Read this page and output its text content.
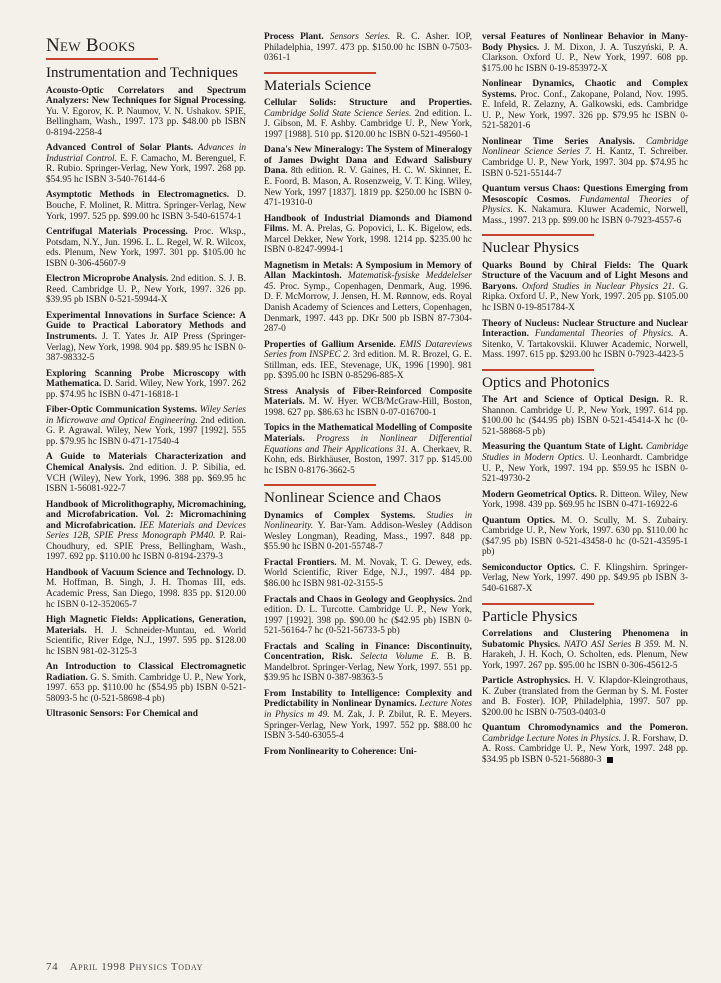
New Books
Instrumentation and Techniques

Acousto-Optic Correlators and Spectrum Analyzers: New Techniques for Signal Processing. Yu. V. Egorov, K. P. Naumov, V. N. Ushakov. SPIE, Bellingham, Wash., 1997. 173 pp. $48.00 pb ISBN 0-8194-2258-4

Advanced Control of Solar Plants. Advances in Industrial Control. E. F. Camacho, M. Berenguel, F. R. Rubio. Springer-Verlag, New York, 1997. 268 pp. $54.95 hc ISBN 3-540-76144-6

Asymptotic Methods in Electromagnetics. D. Bouche, F. Molinet, R. Mittra. Springer-Verlag, New York, 1997. 525 pp. $99.00 hc ISBN 3-540-61574-1

Centrifugal Materials Processing. Proc. Wksp., Potsdam, N.Y., Jun. 1996. L. L. Regel, W. R. Wilcox, eds. Plenum, New York, 1997. 301 pp. $105.00 hc ISBN 0-306-45607-9

Electron Microprobe Analysis. 2nd edition. S. J. B. Reed. Cambridge U. P., New York, 1997. 326 pp. $39.95 pb ISBN 0-521-59944-X

Experimental Innovations in Surface Science: A Guide to Practical Laboratory Methods and Instruments. J. T. Yates Jr. AIP Press (Springer-Verlag), New York, 1998. 904 pp. $89.95 hc ISBN 0-387-98332-5

Exploring Scanning Probe Microscopy with Mathematica. D. Sarid. Wiley, New York, 1997. 262 pp. $74.95 hc ISBN 0-471-16818-1

Fiber-Optic Communication Systems. Wiley Series in Microwave and Optical Engineering. 2nd edition. G. P. Agrawal. Wiley, New York, 1997 [1992]. 555 pp. $79.95 hc ISBN 0-471-17540-4

A Guide to Materials Characterization and Chemical Analysis. 2nd edition. J. P. Sibilia, ed. VCH (Wiley), New York, 1996. 388 pp. $69.95 hc ISBN 1-56081-922-7

Handbook of Microlithography, Micromachining, and Microfabrication. Vol. 2: Micromachining and Microfabrication. IEE Materials and Devices Series 12B, SPIE Press Monograph PM40. P. Rai-Choudhury, ed. SPIE Press, Bellingham, Wash., 1997. 692 pp. $110.00 hc ISBN 0-8194-2379-3

Handbook of Vacuum Science and Technology. D. M. Hoffman, B. Singh, J. H. Thomas III, eds. Academic Press, San Diego, 1998. 835 pp. $120.00 hc ISBN 0-12-352065-7

High Magnetic Fields: Applications, Generation, Materials. H. J. Schneider-Muntau, ed. World Scientific, River Edge, N.J., 1997. 595 pp. $128.00 hc ISBN 981-02-3125-3

An Introduction to Classical Electromagnetic Radiation. G. S. Smith. Cambridge U. P., New York, 1997. 653 pp. $110.00 hc ($54.95 pb) ISBN 0-521-58093-5 hc (0-521-58698-4 pb)

Ultrasonic Sensors: For Chemical and

Process Plant. Sensors Series. R. C. Asher. IOP, Philadelphia, 1997. 473 pp. $150.00 hc ISBN 0-7503-0361-1

Materials Science

Cellular Solids: Structure and Properties. Cambridge Solid State Science Series. 2nd edition. L. J. Gibson, M. F. Ashby. Cambridge U. P., New York, 1997 [1988]. 510 pp. $120.00 hc ISBN 0-521-49560-1

Dana's New Mineralogy: The System of Mineralogy of James Dwight Dana and Edward Salisbury Dana. 8th edition. R. V. Gaines, H. C. W. Skinner, E. E. Foord, B. Mason, A. Rosenzweig, V. T. King. Wiley, New York, 1997 [1837]. 1819 pp. $250.00 hc ISBN 0-471-19310-0

Handbook of Industrial Diamonds and Diamond Films. M. A. Prelas, G. Popovici, L. K. Bigelow, eds. Marcel Dekker, New York, 1998. 1214 pp. $235.00 hc ISBN 0-8247-9994-1

Magnetism in Metals: A Symposium in Memory of Allan Mackintosh. Matematisk-fysiske Meddelelser 45. Proc. Symp., Copenhagen, Denmark, Aug. 1996. D. F. McMorrow, J. Jensen, H. M. Rønnow, eds. Royal Danish Academy of Sciences and Letters, Copenhagen, Denmark, 1997. 443 pp. DKr 500 pb ISBN 87-7304-287-0

Properties of Gallium Arsenide. EMIS Datareviews Series from INSPEC 2. 3rd edition. M. R. Brozel, G. E. Stillman, eds. IEE, Stevenage, UK, 1996 [1990]. 981 pp. $395.00 hc ISBN 0-85296-885-X

Stress Analysis of Fiber-Reinforced Composite Materials. M. W. Hyer. WCB/McGraw-Hill, Boston, 1998. 627 pp. $86.63 hc ISBN 0-07-016700-1

Topics in the Mathematical Modelling of Composite Materials. Progress in Nonlinear Differential Equations and Their Applications 31. A. Cherkaev, R. Kohn, eds. Birkhäuser, Boston, 1997. 317 pp. $145.00 hc ISBN 0-8176-3662-5

Nonlinear Science and Chaos

Dynamics of Complex Systems. Studies in Nonlinearity. Y. Bar-Yam. Addison-Wesley (Addison Wesley Longman), Reading, Mass., 1997. 848 pp. $55.90 hc ISBN 0-201-55748-7

Fractal Frontiers. M. M. Novak, T. G. Dewey, eds. World Scientific, River Edge, N.J., 1997. 484 pp. $86.00 hc ISBN 981-02-3155-5

Fractals and Chaos in Geology and Geophysics. 2nd edition. D. L. Turcotte. Cambridge U. P., New York, 1997 [1992]. 398 pp. $90.00 hc ($42.95 pb) ISBN 0-521-56164-7 hc (0-521-56733-5 pb)

Fractals and Scaling in Finance: Discontinuity, Concentration, Risk. Selecta Volume E. B. B. Mandelbrot. Springer-Verlag, New York, 1997. 551 pp. $39.95 hc ISBN 0-387-98363-5

From Instability to Intelligence: Complexity and Predictability in Nonlinear Dynamics. Lecture Notes in Physics m 49. M. Zak, J. P. Zbilut, R. E. Meyers. Springer-Verlag, New York, 1997. 552 pp. $88.00 hc ISBN 3-540-63055-4

From Nonlinearity to Coherence: Uni-

versal Features of Nonlinear Behavior in Many-Body Physics. J. M. Dixon, J. A. Tuszyński, P. A. Clarkson. Oxford U. P., New York, 1997. 608 pp. $175.00 hc ISBN 0-19-853972-X

Nonlinear Dynamics, Chaotic and Complex Systems. Proc. Conf., Zakopane, Poland, Nov. 1995. E. Infeld, R. Zelazny, A. Galkowski, eds. Cambridge U. P., New York, 1997. 326 pp. $79.95 hc ISBN 0-521-58201-6

Nonlinear Time Series Analysis. Cambridge Nonlinear Science Series 7. H. Kantz, T. Schreiber. Cambridge U. P., New York, 1997. 304 pp. $74.95 hc ISBN 0-521-55144-7

Quantum versus Chaos: Questions Emerging from Mesoscopic Cosmos. Fundamental Theories of Physics. K. Nakamura. Kluwer Academic, Norwell, Mass., 1997. 213 pp. $99.00 hc ISBN 0-7923-4557-6

Nuclear Physics

Quarks Bound by Chiral Fields: The Quark Structure of the Vacuum and of Light Mesons and Baryons. Oxford Studies in Nuclear Physics 21. G. Ripka. Oxford U. P., New York, 1997. 205 pp. $105.00 hc ISBN 0-19-851784-X

Theory of Nucleus: Nuclear Structure and Nuclear Interaction. Fundamental Theories of Physics. A. Sitenko, V. Tartakovskii. Kluwer Academic, Norwell, Mass. 1997. 615 pp. $293.00 hc ISBN 0-7923-4423-5

Optics and Photonics

The Art and Science of Optical Design. R. R. Shannon. Cambridge U. P., New York, 1997. 614 pp. $100.00 hc ($44.95 pb) ISBN 0-521-45414-X hc (0-521-58868-5 pb)

Measuring the Quantum State of Light. Cambridge Studies in Modern Optics. U. Leonhardt. Cambridge U. P., New York, 1997. 194 pp. $59.95 hc ISBN 0-521-49730-2

Modern Geometrical Optics. R. Ditteon. Wiley, New York, 1998. 439 pp. $69.95 hc ISBN 0-471-16922-6

Quantum Optics. M. O. Scully, M. S. Zubairy. Cambridge U. P., New York, 1997. 630 pp. $110.00 hc ($47.95 pb) ISBN 0-521-43458-0 hc (0-521-43595-1 pb)

Semiconductor Optics. C. F. Klingshirn. Springer-Verlag, New York, 1997. 490 pp. $49.95 pb ISBN 3-540-61687-X

Particle Physics

Correlations and Clustering Phenomena in Subatomic Physics. NATO ASI Series B 359. M. N. Harakeh, J. H. Koch, O. Scholten, eds. Plenum, New York, 1997. 267 pp. $95.00 hc ISBN 0-306-45612-5

Particle Astrophysics. H. V. Klapdor-Kleingrothaus, K. Zuber (translated from the German by S. M. Foster and B. Foster). IOP, Philadelphia, 1997. 507 pp. $200.00 hc ISBN 0-7503-0403-0

Quantum Chromodynamics and the Pomeron. Cambridge Lecture Notes in Physics. J. R. Forshaw, D. A. Ross. Cambridge U. P., New York, 1997. 248 pp. $34.95 pb ISBN 0-521-56880-3

74 April 1998 Physics Today
